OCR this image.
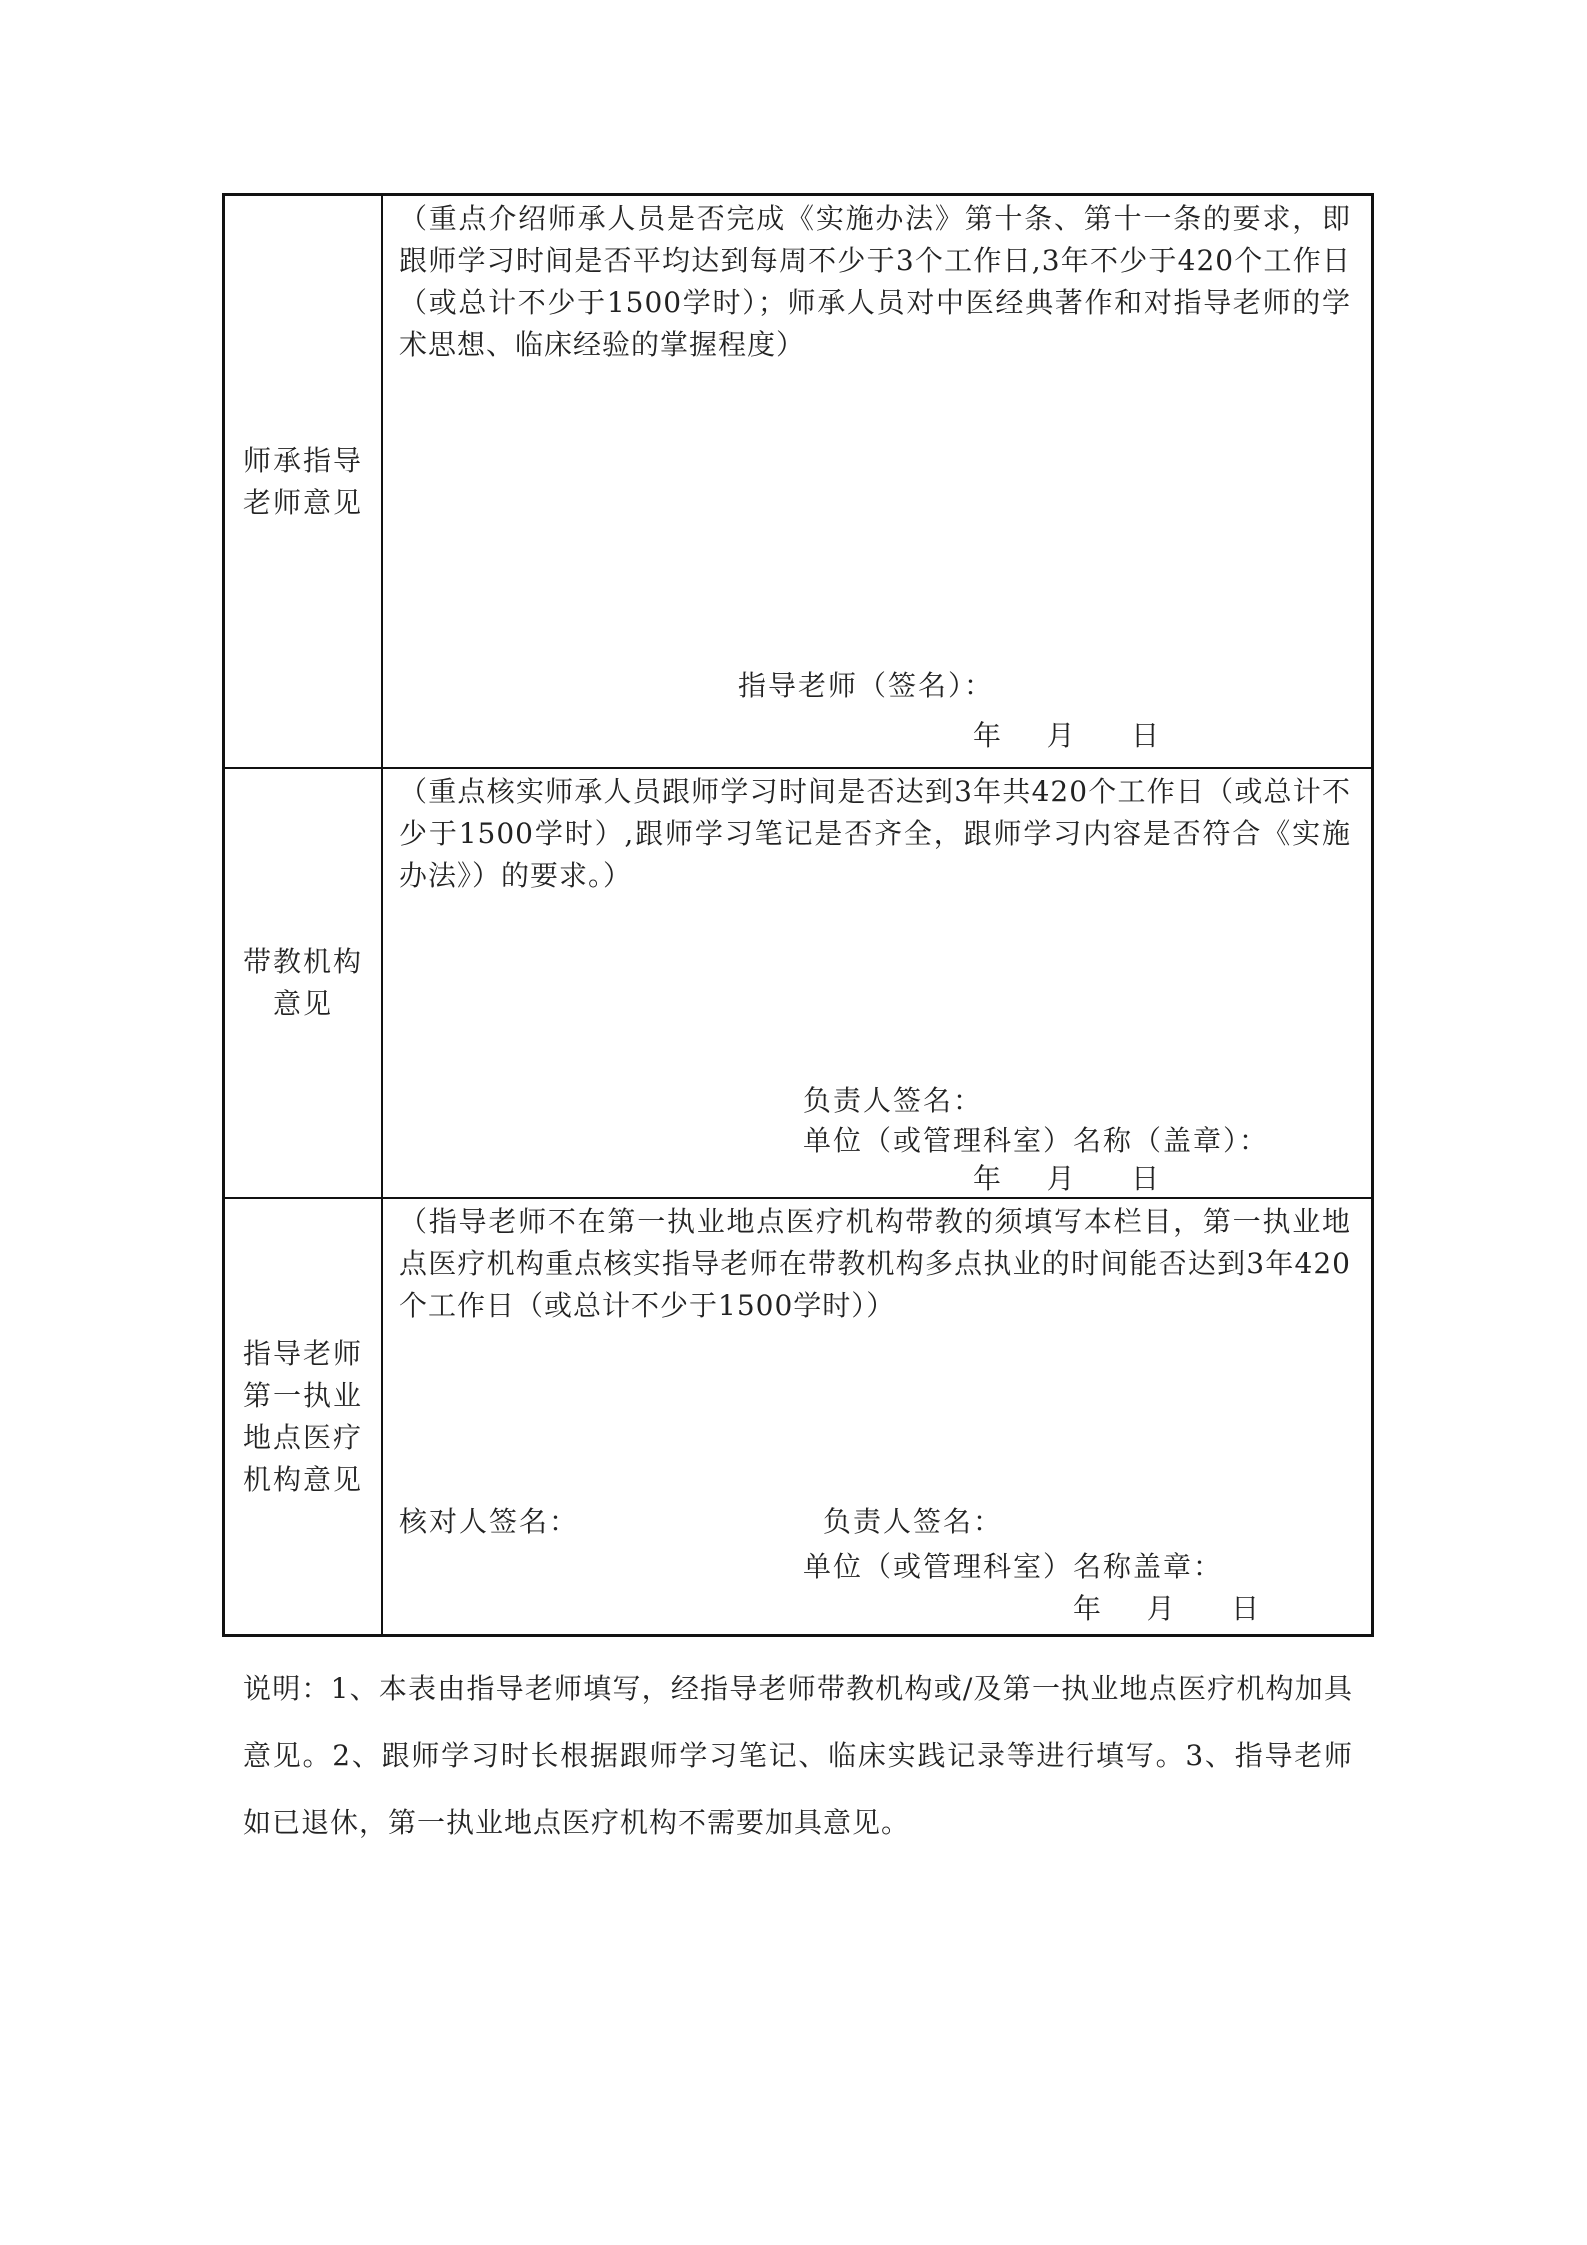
师承指导老师意见
（重点介绍师承人员是否完成《实施办法》第十条、第十一条的要求，即跟师学习时间是否平均达到每周不少于3个工作日,3年不少于420个工作日（或总计不少于1500学时）；师承人员对中医经典著作和对指导老师的学术思想、临床经验的掌握程度）
指导老师（签名）：
年    月     日
带教机构意见
（重点核实师承人员跟师学习时间是否达到3年共420个工作日（或总计不少于1500学时）,跟师学习笔记是否齐全，跟师学习内容是否符合《实施办法》）的要求。）
负责人签名：
单位（或管理科室）名称（盖章）：
年    月     日
指导老师第一执业地点医疗机构意见
（指导老师不在第一执业地点医疗机构带教的须填写本栏目，第一执业地点医疗机构重点核实指导老师在带教机构多点执业的时间能否达到3年420个工作日（或总计不少于1500学时））
核对人签名：	负责人签名：
单位（或管理科室）名称盖章：
年    月     日
说明：1、本表由指导老师填写，经指导老师带教机构或/及第一执业地点医疗机构加具意见。2、跟师学习时长根据跟师学习笔记、临床实践记录等进行填写。3、指导老师如已退休，第一执业地点医疗机构不需要加具意见。
